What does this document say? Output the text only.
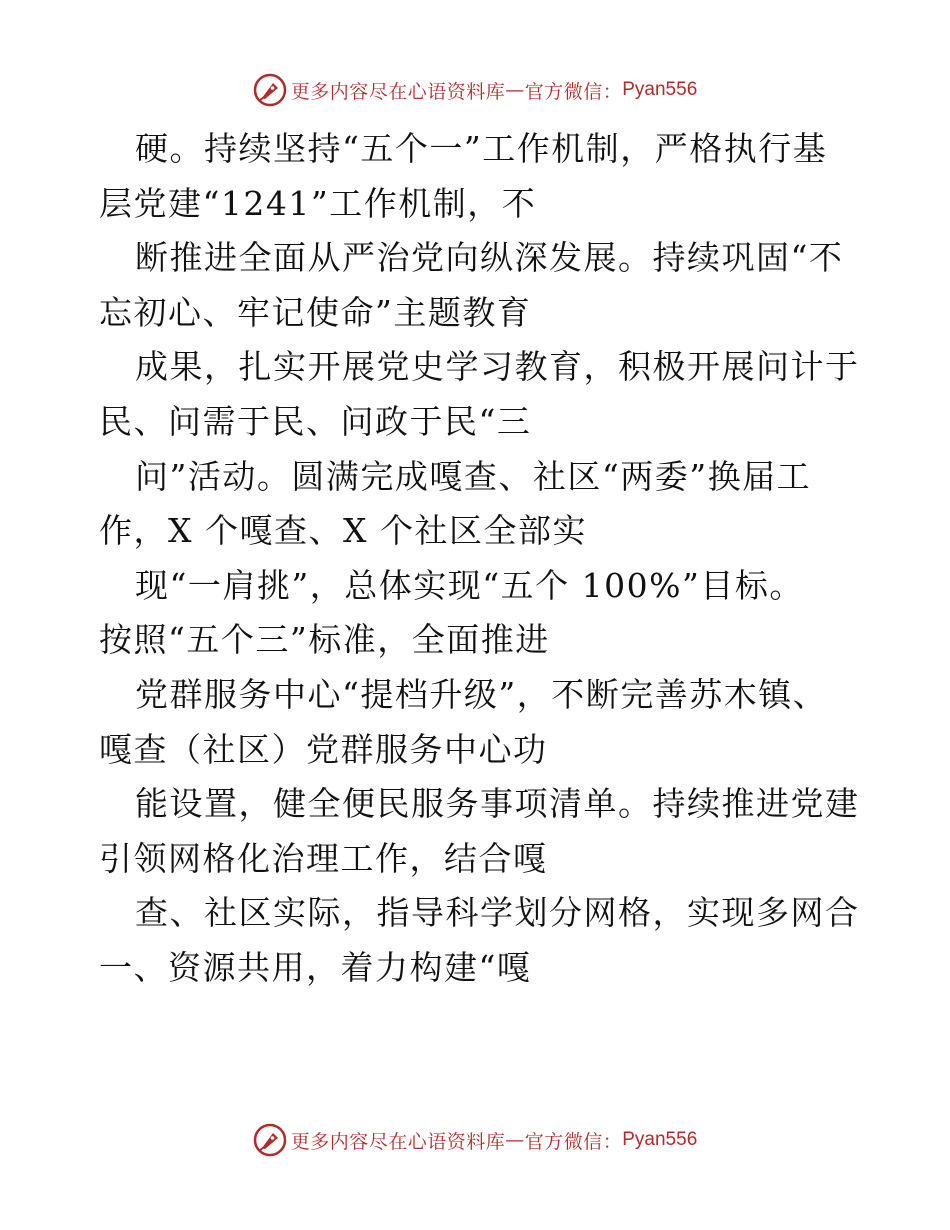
更多内容尽在心语资料库 — 官方微信： Pyan556
硬。持续坚持“五个一”工作机制，严格执行基
层党建“1241”工作机制，不
断推进全面从严治党向纵深发展。持续巩固“不
忘初心、牢记使命”主题教育
成果，扎实开展党史学习教育，积极开展问计于
民、问需于民、问政于民“三
问”活动。圆满完成嘎查、社区“两委”换届工
作，X 个嘎查、X 个社区全部实
现“一肩挑”，总体实现“五个 100%”目标。
按照“五个三”标准，全面推进
党群服务中心“提档升级”，不断完善苏木镇、
嘎查（社区）党群服务中心功
能设置，健全便民服务事项清单。持续推进党建
引领网格化治理工作，结合嘎
查、社区实际，指导科学划分网格，实现多网合
一、资源共用，着力构建“嘎
更多内容尽在心语资料库 — 官方微信： Pyan556
